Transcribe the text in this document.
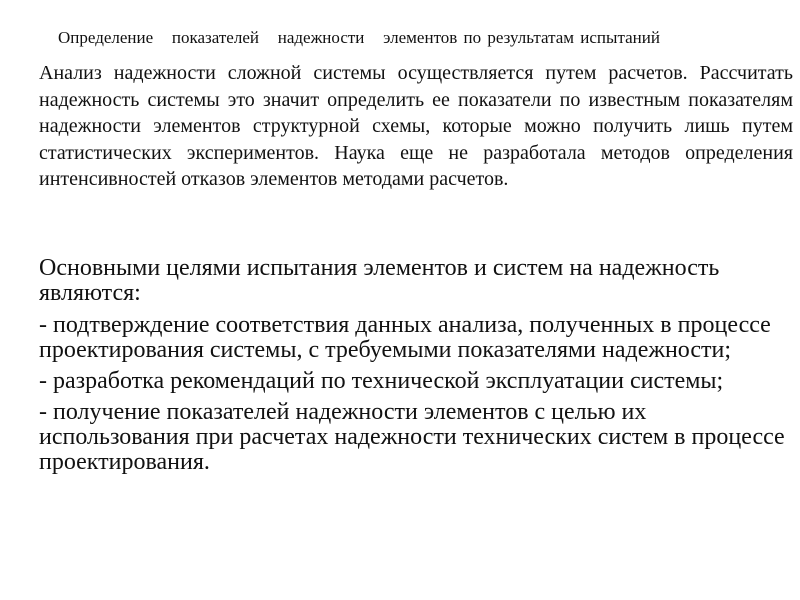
Определение   показателей   надежности   элементов по результатам испытаний

Анализ надежности сложной системы осуществляется путем расчетов. Рассчитать надежность системы это значит определить ее показатели по известным показателям надежности элементов структурной схемы, которые можно получить лишь путем статистических экспериментов. Наука еще не разработала методов определения интенсивностей отказов элементов методами расчетов.

Основными целями испытания элементов и систем на надежность являются:
- подтверждение соответствия данных анализа, полученных в процессе проектирования системы, с требуемыми показателями надежности;
- разработка рекомендаций по технической эксплуатации системы;
- получение показателей надежности элементов с целью их использования при расчетах надежности технических систем в процессе проектирования.
